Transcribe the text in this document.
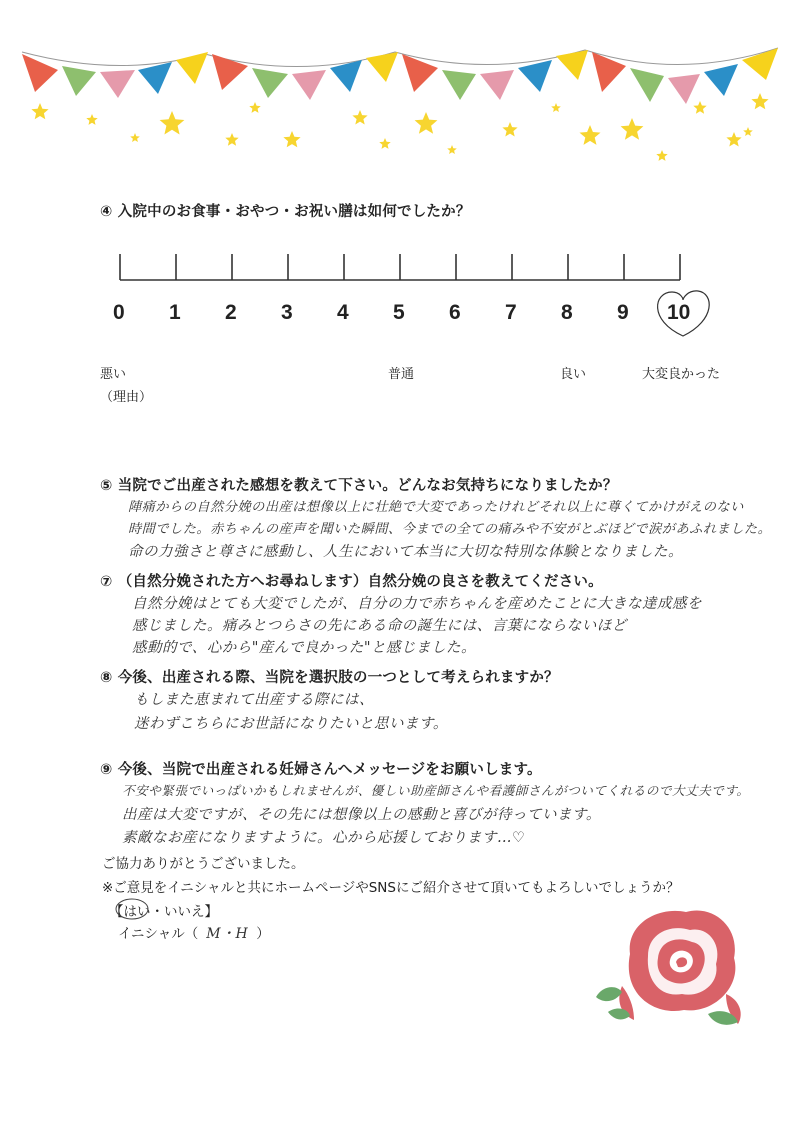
④ 入院中のお食事・おやつ・お祝い膳は如何でしたか？
0 1 2 3 4 5 6 7 8 9 10
悪い	普通	良い	大変良かった
（理由）
⑤ 当院でご出産された感想を教えて下さい。どんなお気持ちになりましたか？
陣痛からの自然分娩の出産は想像以上に壮絶で大変であったけれどそれ以上に尊くてかけがえのない
時間でした。赤ちゃんの産声を聞いた瞬間、今までの全ての痛みや不安がとぶほどで涙があふれました。
命の力強さと尊さに感動し、人生において本当に大切な特別な体験となりました。
⑦ （自然分娩された方へお尋ねします）自然分娩の良さを教えてください。
自然分娩はとても大変でしたが、自分の力で赤ちゃんを産めたことに大きな達成感を
感じました。痛みとつらさの先にある命の誕生には、言葉にならないほど
感動的で、心から"産んで良かった"と感じました。
⑧ 今後、出産される際、当院を選択肢の一つとして考えられますか？
もしまた恵まれて出産する際には、
迷わずこちらにお世話になりたいと思います。
⑨ 今後、当院で出産される妊婦さんへメッセージをお願いします。
不安や緊張でいっぱいかもしれませんが、優しい助産師さんや看護師さんがついてくれるので大丈夫です。
出産は大変ですが、その先には想像以上の感動と喜びが待っています。
素敵なお産になりますように。心から応援しております…♡
ご協力ありがとうございました。
※ご意見をイニシャルと共にホームページやSNSにご紹介させて頂いてもよろしいでしょうか？
【はい・いいえ】
イニシャル（ M・H ）
